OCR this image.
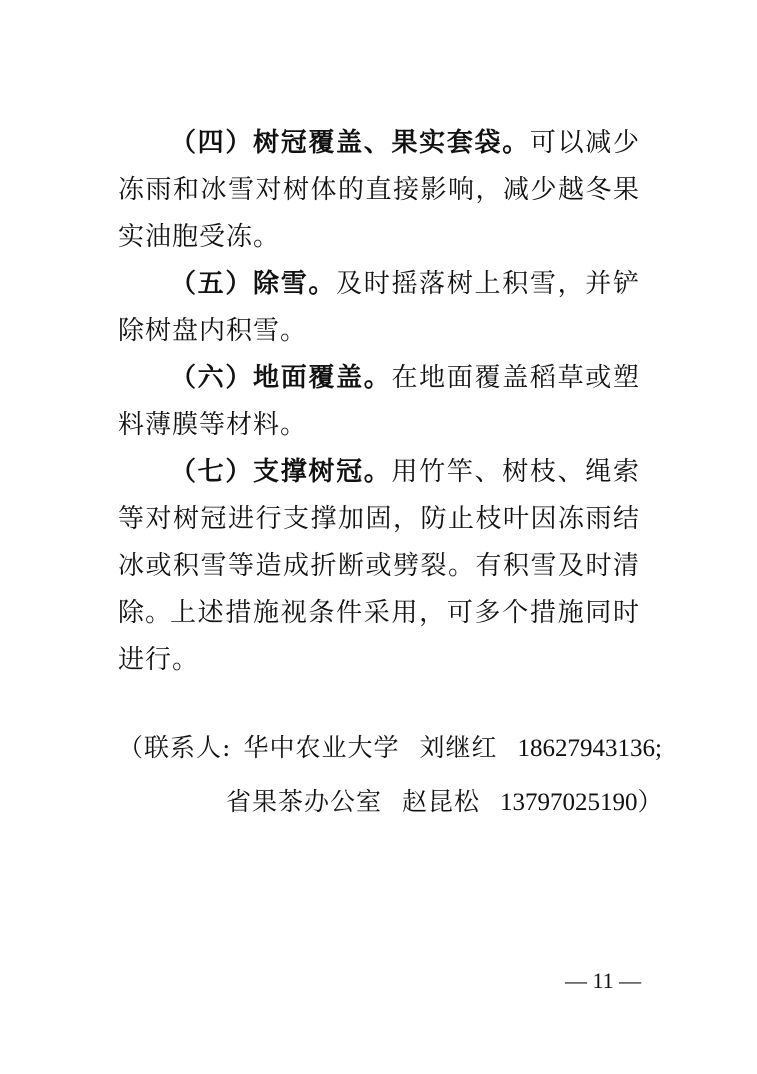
（四）树冠覆盖、果实套袋。可以减少冻雨和冰雪对树体的直接影响，减少越冬果实油胞受冻。

（五）除雪。及时摇落树上积雪，并铲除树盘内积雪。

（六）地面覆盖。在地面覆盖稻草或塑料薄膜等材料。

（七）支撑树冠。用竹竿、树枝、绳索等对树冠进行支撑加固，防止枝叶因冻雨结冰或积雪等造成折断或劈裂。有积雪及时清除。

上述措施视条件采用，可多个措施同时进行。

（联系人: 华中农业大学 刘继红 18627943136;
省果茶办公室 赵昆松 13797025190）
— 11 —
